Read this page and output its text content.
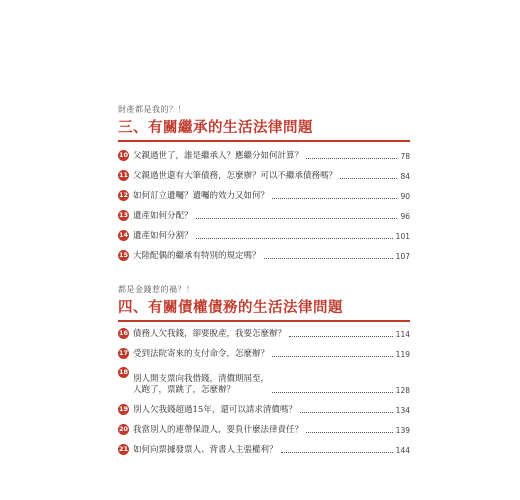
財產都是我的？！
三、有關繼承的生活法律問題
10 父親過世了，誰是繼承人？應繼分如何計算？	78
11 父親過世還有大筆債務，怎麼辦？可以不繼承債務嗎？	84
12 如何訂立遺囑？遺囑的效力又如何？	90
13 遺產如何分配？	96
14 遺產如何分割？	101
15 大陸配偶的繼承有特別的規定嗎？	107
都是金錢惹的禍？！
四、有關債權債務的生活法律問題
16 債務人欠我錢，卻要脫產，我要怎麼辦？	114
17 受到法院寄來的支付命令，怎麼辦？	119
18
別人開支票向我借錢，清償期屆至，
人跑了，票跳了，怎麼辦？	128
19 別人欠我錢超過15年，還可以請求清償嗎？	134
20 我當別人的連帶保證人，要負什麼法律責任？	139
21 如何向票據發票人、背書人主張權利？	144
